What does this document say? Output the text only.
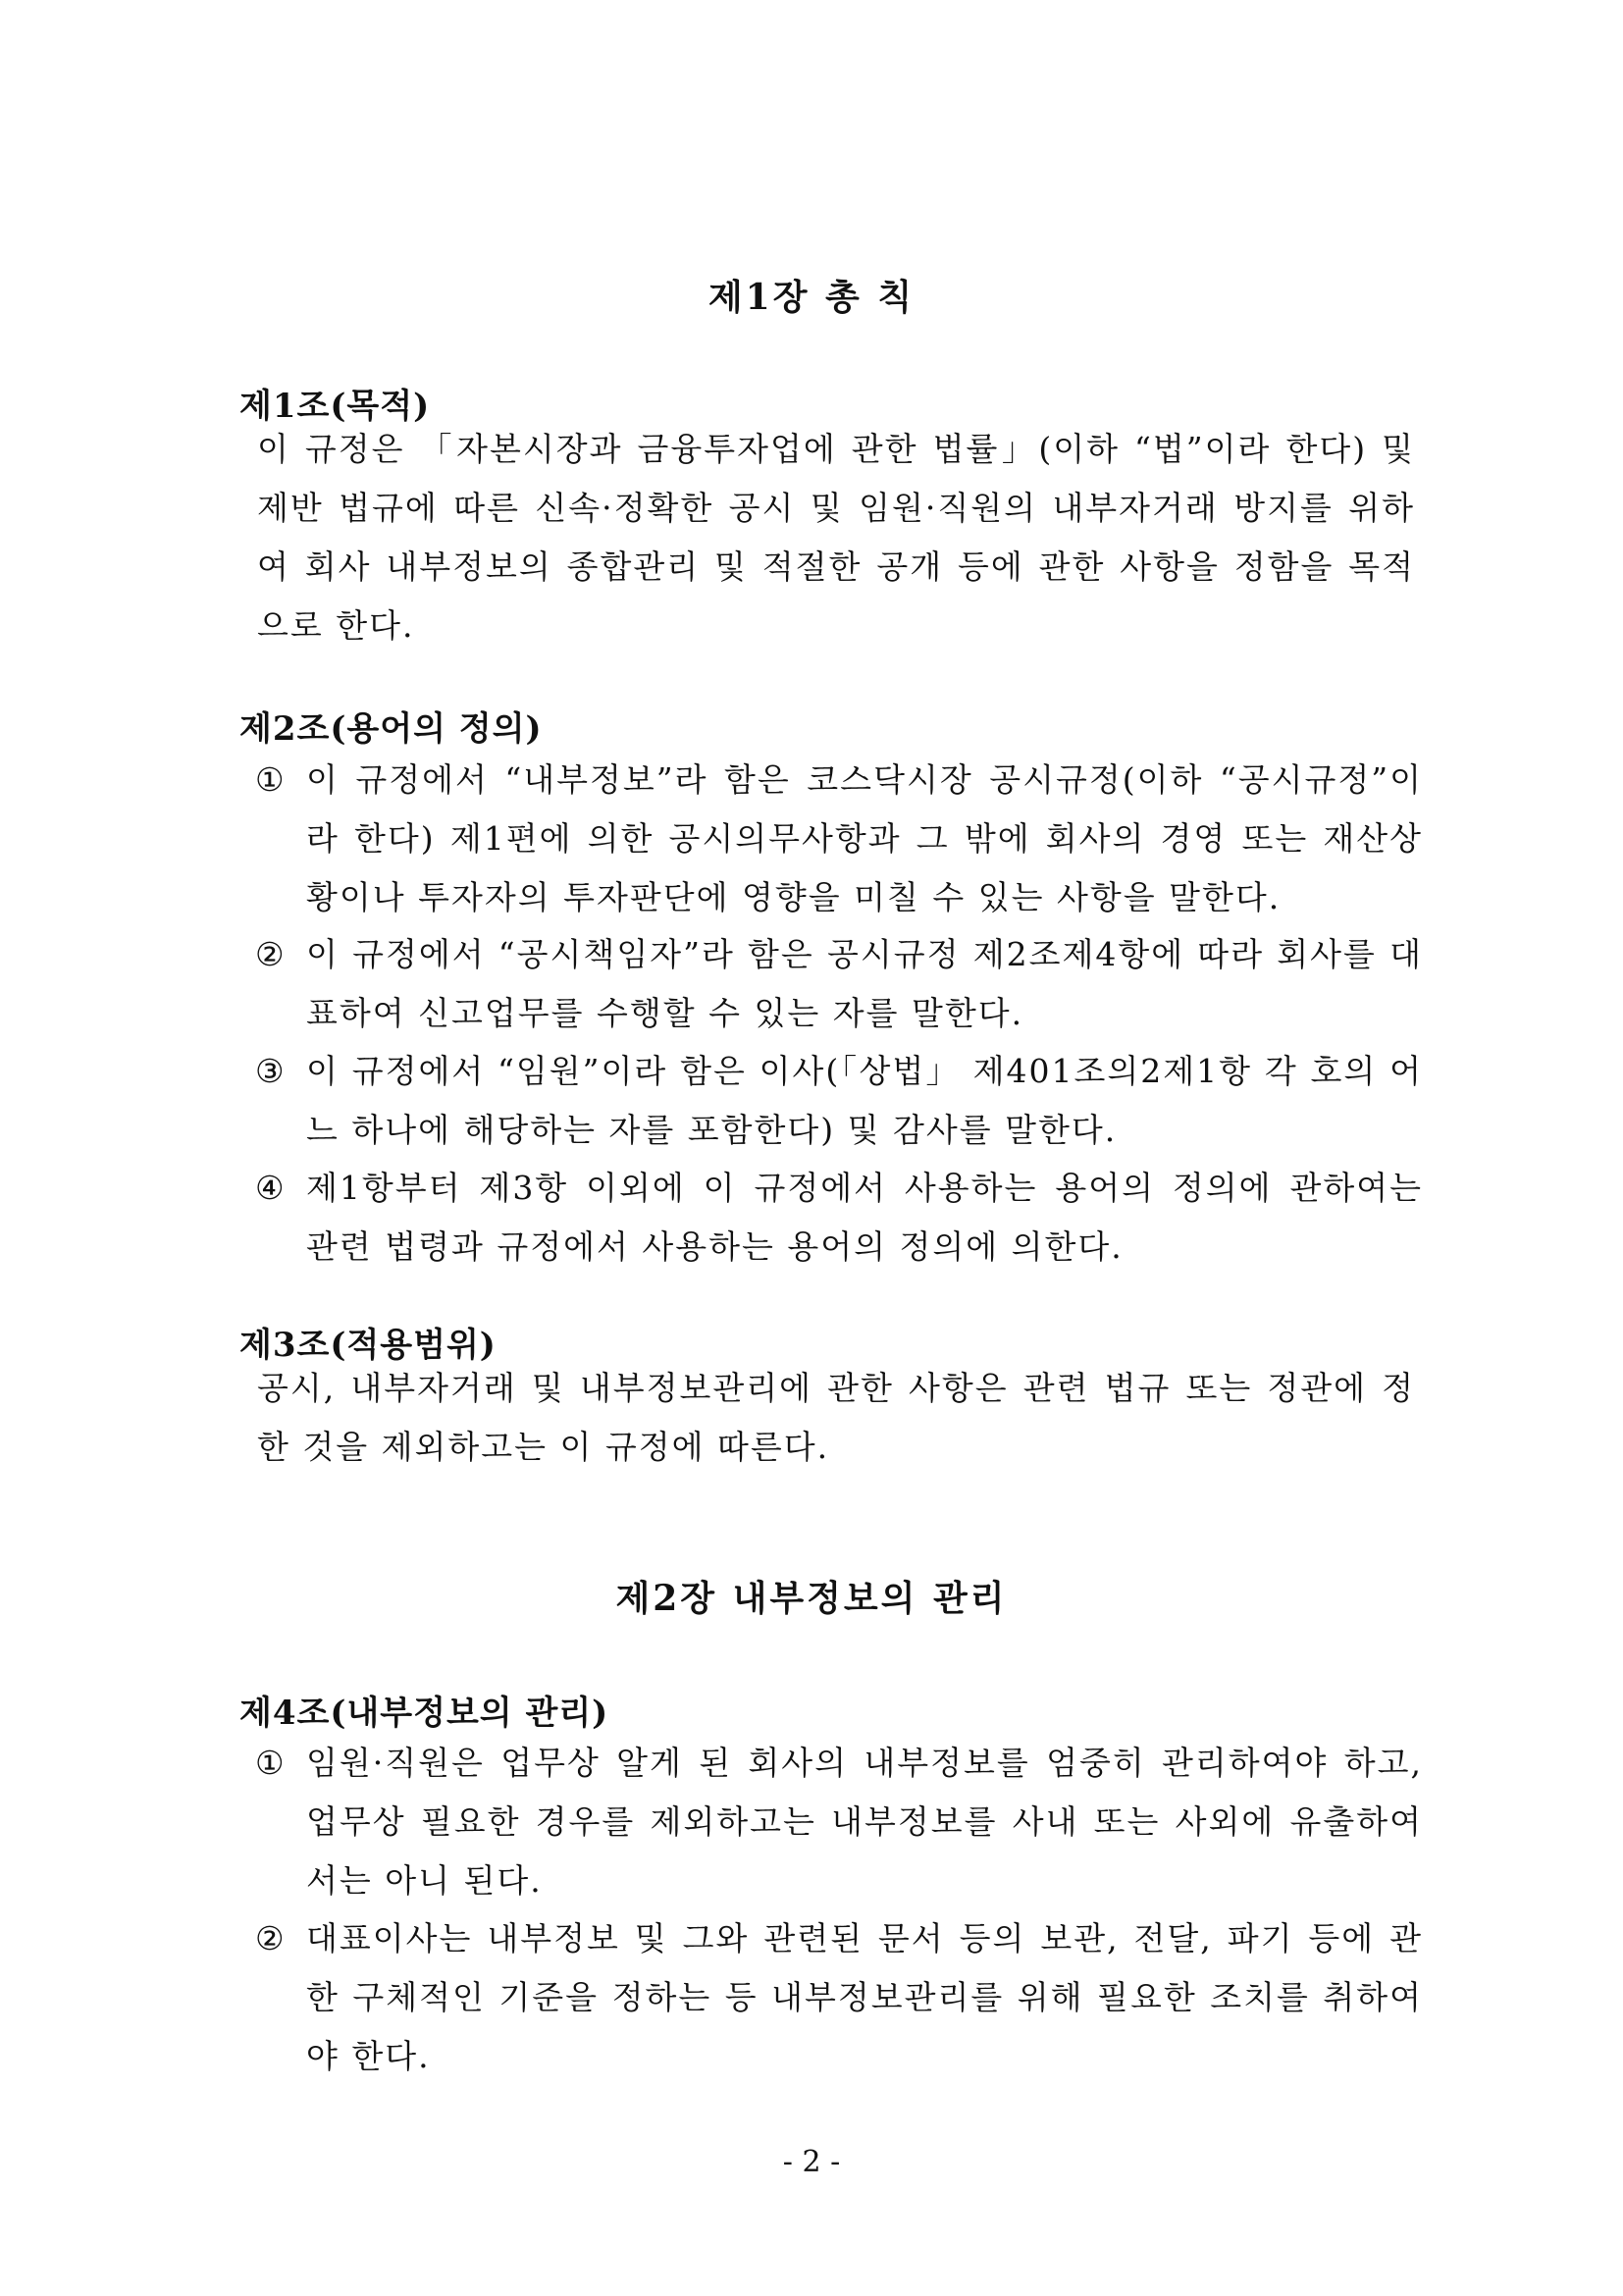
제1장 총 칙
제1조(목적)

이 규정은 「자본시장과 금융투자업에 관한 법률」(이하 “법”이라 한다) 및 제반 법규에 따른 신속·정확한 공시 및 임원·직원의 내부자거래 방지를 위하여 회사 내부정보의 종합관리 및 적절한 공개 등에 관한 사항을 정함을 목적으로 한다.

제2조(용어의 정의)
① 이 규정에서 “내부정보”라 함은 코스닥시장 공시규정(이하 “공시규정”이라 한다) 제1편에 의한 공시의무사항과 그 밖에 회사의 경영 또는 재산상황이나 투자자의 투자판단에 영향을 미칠 수 있는 사항을 말한다.
② 이 규정에서 “공시책임자”라 함은 공시규정 제2조제4항에 따라 회사를 대표하여 신고업무를 수행할 수 있는 자를 말한다.
③ 이 규정에서 “임원”이라 함은 이사(「상법」 제401조의2제1항 각 호의 어느 하나에 해당하는 자를 포함한다) 및 감사를 말한다.
④ 제1항부터 제3항 이외에 이 규정에서 사용하는 용어의 정의에 관하여는 관련 법령과 규정에서 사용하는 용어의 정의에 의한다.
제3조(적용범위)

공시, 내부자거래 및 내부정보관리에 관한 사항은 관련 법규 또는 정관에 정한 것을 제외하고는 이 규정에 따른다.

제2장 내부정보의 관리
제4조(내부정보의 관리)
① 임원·직원은 업무상 알게 된 회사의 내부정보를 엄중히 관리하여야 하고, 업무상 필요한 경우를 제외하고는 내부정보를 사내 또는 사외에 유출하여서는 아니 된다.
② 대표이사는 내부정보 및 그와 관련된 문서 등의 보관, 전달, 파기 등에 관한 구체적인 기준을 정하는 등 내부정보관리를 위해 필요한 조치를 취하여야 한다.

- 2 -
